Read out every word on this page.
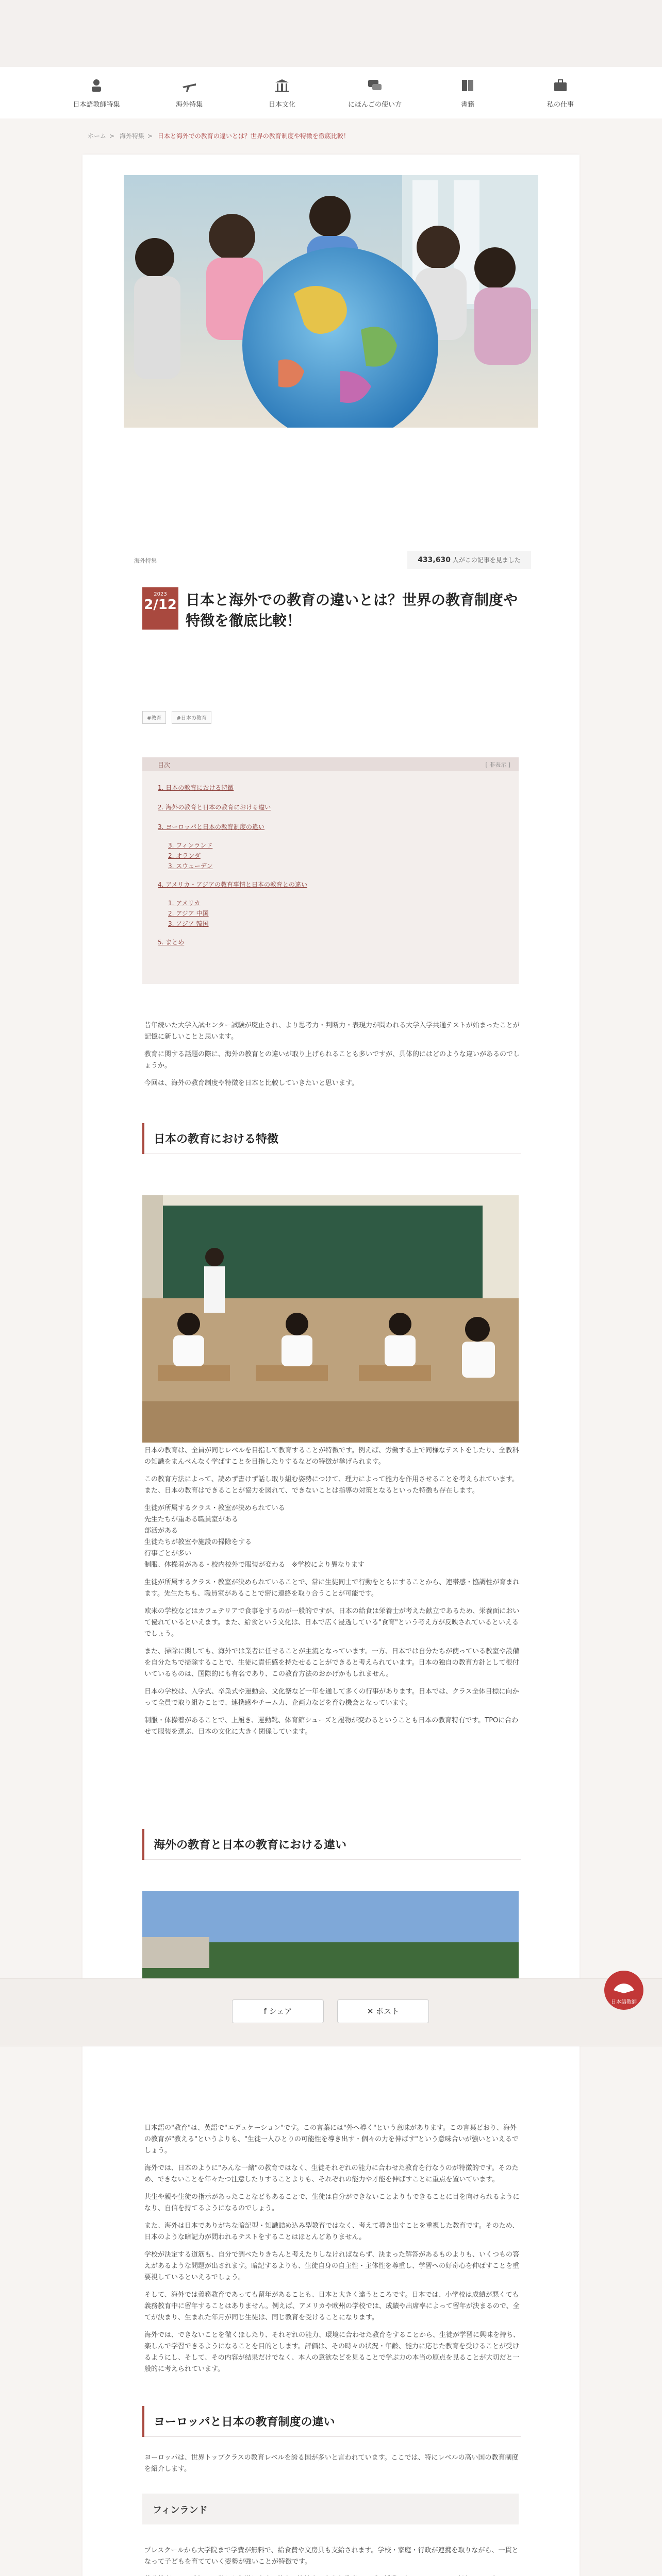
日本語教師特集	海外特集	日本文化	にほんごの使い方	書籍	私の仕事
ホーム > 海外特集 > 日本と海外での教育の違いとは？世界の教育制度や特徴を徹底比較！
海外特集	433,630 人がこの記事を見ました
2023
2/12 日本と海外での教育の違いとは？世界の教育制度や特徴を徹底比較！
#教育	#日本の教育
目次	[ 非表示 ]
1. 日本の教育における特徴
2. 海外の教育と日本の教育における違い
3. ヨーロッパと日本の教育制度の違い
3. フィンランド
2. オランダ
3. スウェーデン
4. アメリカ・アジアの教育事情と日本の教育との違い
1. アメリカ
2. アジア 中国
3. アジア 韓国
5. まとめ

昔年続いた大学入試センター試験が廃止され、より思考力・判断力・表現力が問われる大学入学共通テストが始まったことが記憶に新しいことと思います。

教育に関する話題の際に、海外の教育との違いが取り上げられることも多いですが、具体的にはどのような違いがあるのでしょうか。

今回は、海外の教育制度や特徴を日本と比較していきたいと思います。

日本の教育における特徴

日本の教育は、全員が同じレベルを目指して教育することが特徴です。例えば、労働する上で同様なテストをしたり、全教科の知識をまんべんなく学ばすことを目指したりするなどの特徴が挙げられます。

この教育方法によって、読めず書けず話し取り組む姿勢につけて、理力によって能力を作用させることを考えられています。また、日本の教育はできることが協力を図れて、できないことは指導の対策となるといった特徴も存在します。

生徒が所属するクラス・教室が決められている
先生たちが重ある職員室がある
部活がある
生徒たちが教室や施設の掃除をする
行事ごとが多い

制服、体操着がある・校内校外で服装が変わる　※学校により異なります

生徒が所属するクラス・教室が決められていることで、常に生徒同士で行動をともにすることから、連帯感・協調性が育まれます。先生たちも、職員室があることで密に連絡を取り合うことが可能です。

欧米の学校などはカフェテリアで食事をするのが一般的ですが、日本の給食は栄養士が考えた献立であるため、栄養面において優れているといえます。また、給食という文化は、日本で広く浸透している"食育"という考え方が反映されているといえるでしょう。

また、掃除に関しても、海外では業者に任せることが主流となっています。一方、日本では自分たちが使っている教室や設備を自分たちで掃除することで、生徒に責任感を持たせることができると考えられています。日本の独自の教育方針として根付いているものは、国際的にも有名であり、この教育方法のおかげかもしれません。

日本の学校は、入学式、卒業式や運動会、文化祭など一年を通して多くの行事があります。日本では、クラス全体目標に向かって全員で取り組むことで、連携感やチーム力、企画力などを育む機会となっています。

制服・体操着があることで、上履き、運動靴、体育館シューズと履物が変わるということも日本の教育特有です。TPOに合わせて服装を選ぶ、日本の文化に大きく関係しています。

海外の教育と日本の教育における違い

日本語の"教育"は、英語で"エデュケーション"です。この言葉には"外へ導く"という意味があります。この言葉どおり、海外の教育が"教える"というよりも、"生徒一人ひとりの可能性を導き出す・個々の力を伸ばす"という意味合いが強いといえるでしょう。

海外では、日本のように"みんな一緒"の教育ではなく、生徒それぞれの能力に合わせた教育を行なうのが特徴的です。そのため、できないことを年々たつ注意したりすることよりも、それぞれの能力や才能を伸ばすことに重点を置いています。

共生や親や生徒の指示があったことなどもあることで、生徒は自分ができないことよりもできることに目を向けられるようになり、自信を持てるようになるのでしょう。

また、海外は日本でありがちな暗記型・知識詰め込み型教育ではなく、考えて導き出すことを重視した教育です。そのため、日本のような暗記力が問われるテストをすることはほとんどありません。

学校が決定する道筋も、自分で調べたりきちんと考えたりしなければならず、決まった解答があるものよりも、いくつもの答えがあるような問題が出されます。暗記するよりも、生徒自身の自主性・主体性を尊重し、学習への好奇心を伸ばすことを重要視しているといえるでしょう。

そして、海外では義務教育であっても留年があることも、日本と大きく違うところです。日本では、小学校は成績が悪くても義務教育中に留年することはありません。例えば、アメリカや欧州の学校では、成績や出席率によって留年が決まるので、全てが決まり、生まれた年月が同じ生徒は、同じ教育を受けることになります。

海外では、できないことを徹くほしたり、それぞれの能力、環境に合わせた教育をすることから、生徒が学習に興味を持ち、楽しんで学習できるようになることを目的とします。評価は、その時々の状況・年齢、能力に応じた教育を受けることが受けるようにし、そして、その内容が結果だけでなく、本人の意欲などを見ることで学ぶ力の本当の原点を見ることが大切だと一般的に考えられています。

ヨーロッパと日本の教育制度の違い

ヨーロッパは、世界トップクラスの教育レベルを誇る国が多いと言われています。ここでは、特にレベルの高い国の教育制度を紹介します。

フィンランド

プレスクールから大学院まで学費が無料で、給食費や文房具も支給されます。学校・家庭・行政が連携を取りながら、一貫となって子どもを育てていく姿勢が強いことが特徴です。

f シェア	✕ ポスト
日本語教師
